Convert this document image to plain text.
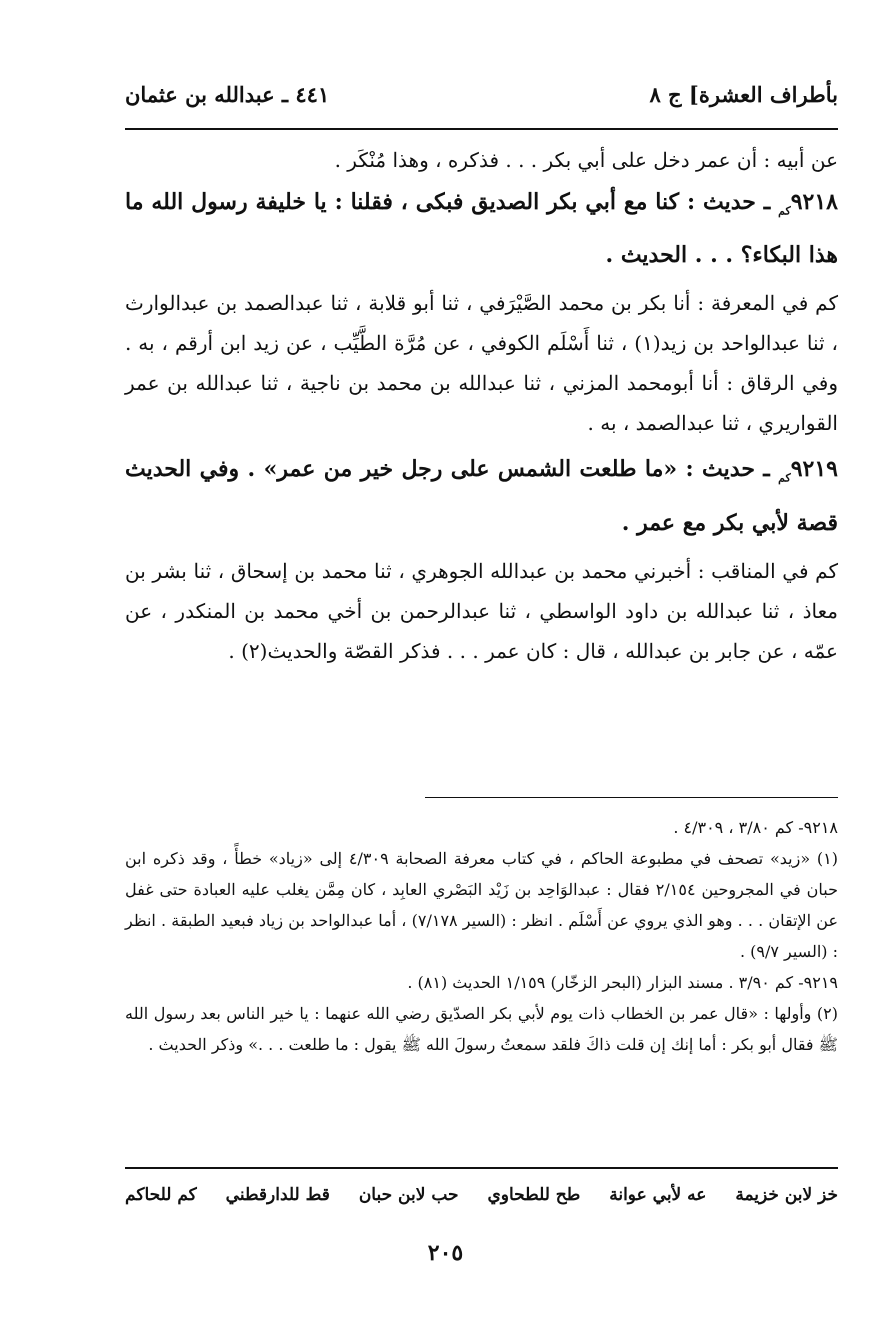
بأطراف العشرة] ج ٨
٤٤١ ـ عبدالله بن عثمان

عن أبيه : أن عمر دخل على أبي بكر . . . فذكره ، وهذا مُنْكَر .

$٩٢١٨_{كم}$ ـ حديث : كنا مع أبي بكر الصديق فبكى ، فقلنا : يا خليفة رسول الله ما هذا البكاء؟ . . . الحديث .

كم في المعرفة : أنا بكر بن محمد الصَّيْرَفي ، ثنا أبو قلابة ، ثنا عبدالصمد بن عبدالوارث ، ثنا عبدالواحد بن زيد(١) ، ثنا أَسْلَم الكوفي ، عن مُرَّة الطَّيِّب ، عن زيد ابن أرقم ، به . وفي الرقاق : أنا أبومحمد المزني ، ثنا عبدالله بن محمد بن ناجية ، ثنا عبدالله بن عمر القواريري ، ثنا عبدالصمد ، به .

$٩٢١٩_{كم}$ ـ حديث : «ما طلعت الشمس على رجل خير من عمر» . وفي الحديث قصة لأبي بكر مع عمر .

كم في المناقب : أخبرني محمد بن عبدالله الجوهري ، ثنا محمد بن إسحاق ، ثنا بشر بن معاذ ، ثنا عبدالله بن داود الواسطي ، ثنا عبدالرحمن بن أخي محمد بن المنكدر ، عن عمّه ، عن جابر بن عبدالله ، قال : كان عمر . . . فذكر القصّة والحديث(٢) .

٩٢١٨- كم ٣/٨٠ ، ٤/٣٠٩ .

(١) «زيد» تصحف في مطبوعة الحاكم ، في كتاب معرفة الصحابة ٤/٣٠٩ إلى «زياد» خطأً ، وقد ذكره ابن حبان في المجروحين ٢/١٥٤ فقال : عبدالوَاحِد بن زَيْد البَصْري العابِد ، كان مِمَّن يغلب عليه العبادة حتى غفل عن الإتقان . . . وهو الذي يروي عن أَسْلَم . انظر : (السير ٧/١٧٨) ، أما عبدالواحد بن زياد فبعيد الطبقة . انظر : (السير ٩/٧) .

٩٢١٩- كم ٣/٩٠ . مسند البزار (البحر الزخّار) ١/١٥٩ الحديث (٨١) .

(٢) وأولها : «قال عمر بن الخطاب ذات يوم لأبي بكر الصدّيق رضي الله عنهما : يا خير الناس بعد رسول الله ﷺ فقال أبو بكر : أما إنك إن قلت ذاكَ فلقد سمعتُ رسولَ الله ﷺ يقول : ما طلعت . . .» وذكر الحديث .

خز لابن خزيمة
عه لأبي عوانة
طح للطحاوي
حب لابن حبان
قط للدارقطني
كم للحاكم
٢٠٥
